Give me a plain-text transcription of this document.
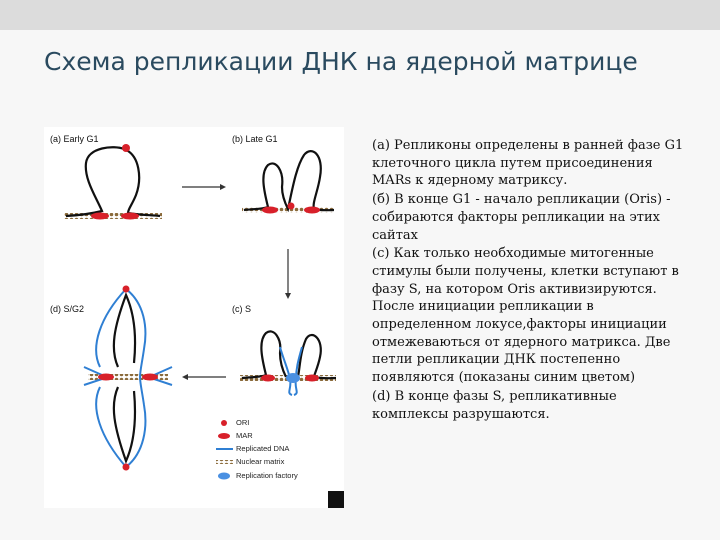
Схема репликации ДНК на ядерной матрице
(a) Early G1	(b) Late G1
(d) S/G2	(c) S
ORI
MAR
Replicated DNA
Nuclear matrix
Replication factory

(a) Репликоны определены в ранней фазе G1 клеточного цикла путем присоединения MARs к ядерному матриксу.

(б) В конце G1 - начало репликации (Oris) - собираются факторы репликации на этих сайтах

(с) Как только необходимые митогенные стимулы были получены, клетки вступают в фазу S, на котором Oris активизируются. После инициации репликации в определенном локусе,факторы инициации отмежеваються от ядерного матрикса. Две петли репликации ДНК постепенно появляются (показаны синим цветом)

(d) В конце фазы S, репликативные комплексы разрушаются.
